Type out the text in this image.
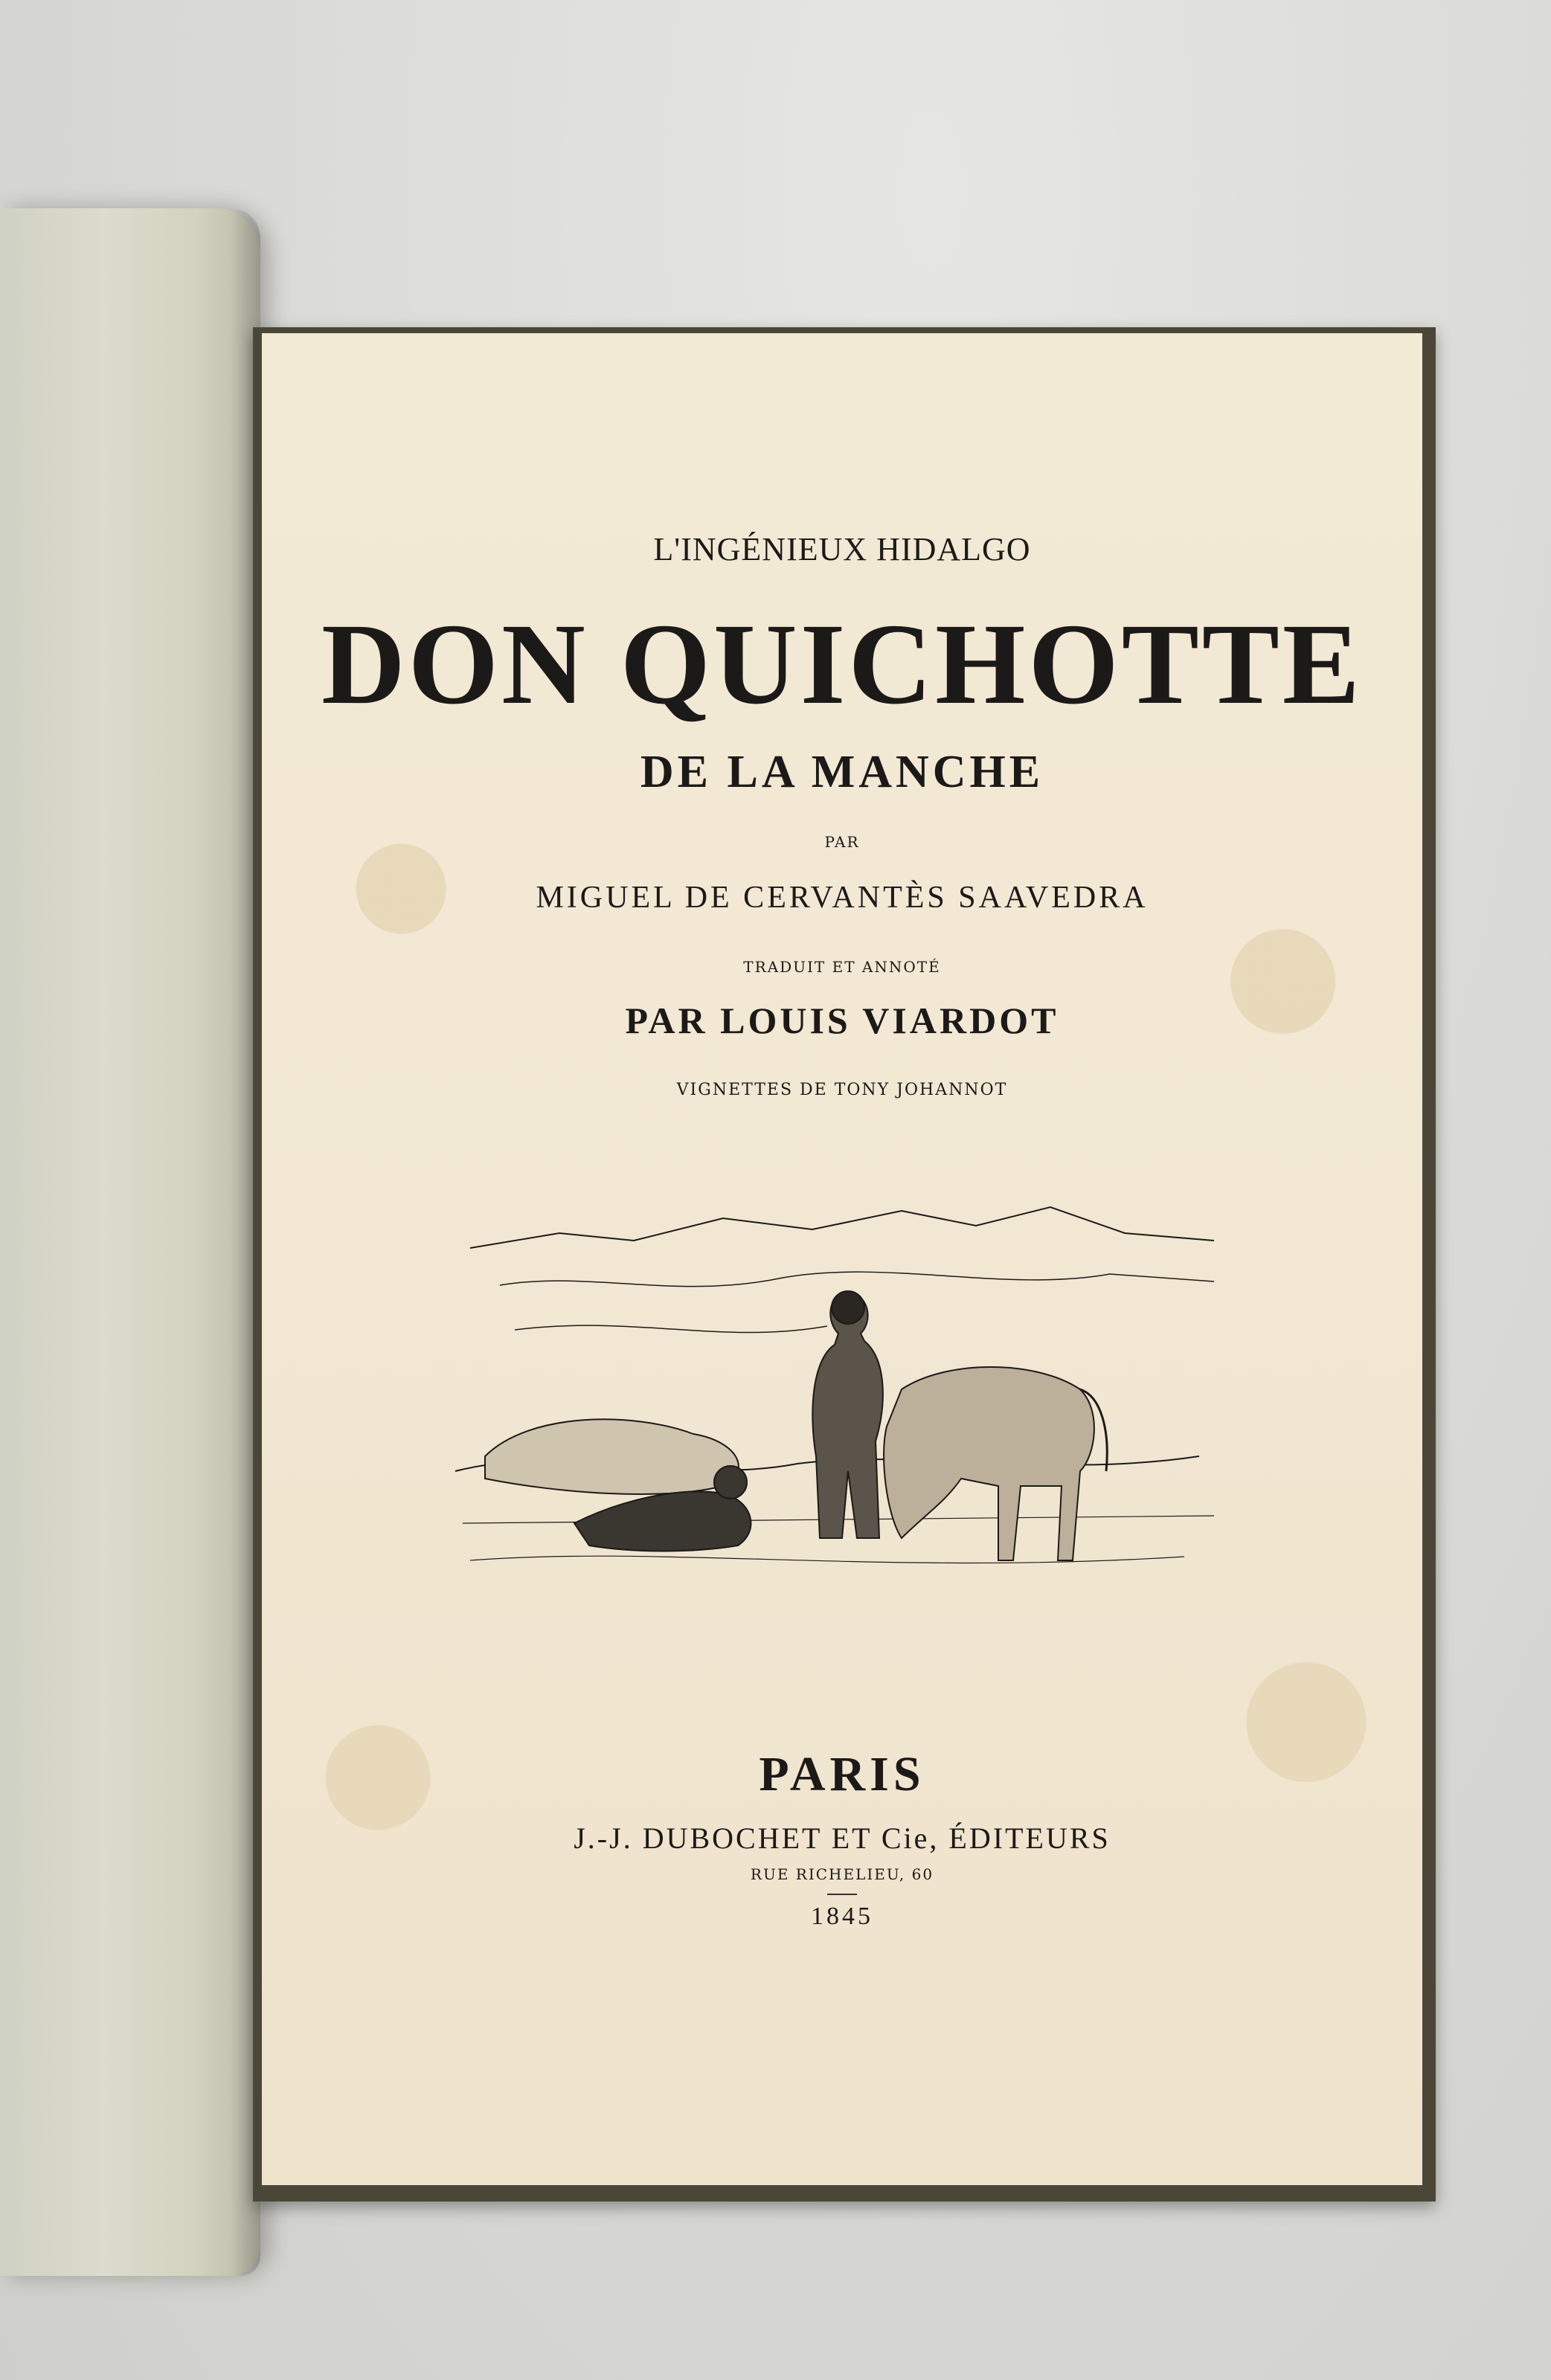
L'INGÉNIEUX HIDALGO
DON QUICHOTTE
DE LA MANCHE
PAR
MIGUEL DE CERVANTÈS SAAVEDRA
TRADUIT ET ANNOTÉ
PAR LOUIS VIARDOT
VIGNETTES DE TONY JOHANNOT
PARIS
J.-J. DUBOCHET ET Cie, ÉDITEURS
RUE RICHELIEU, 60
1845
